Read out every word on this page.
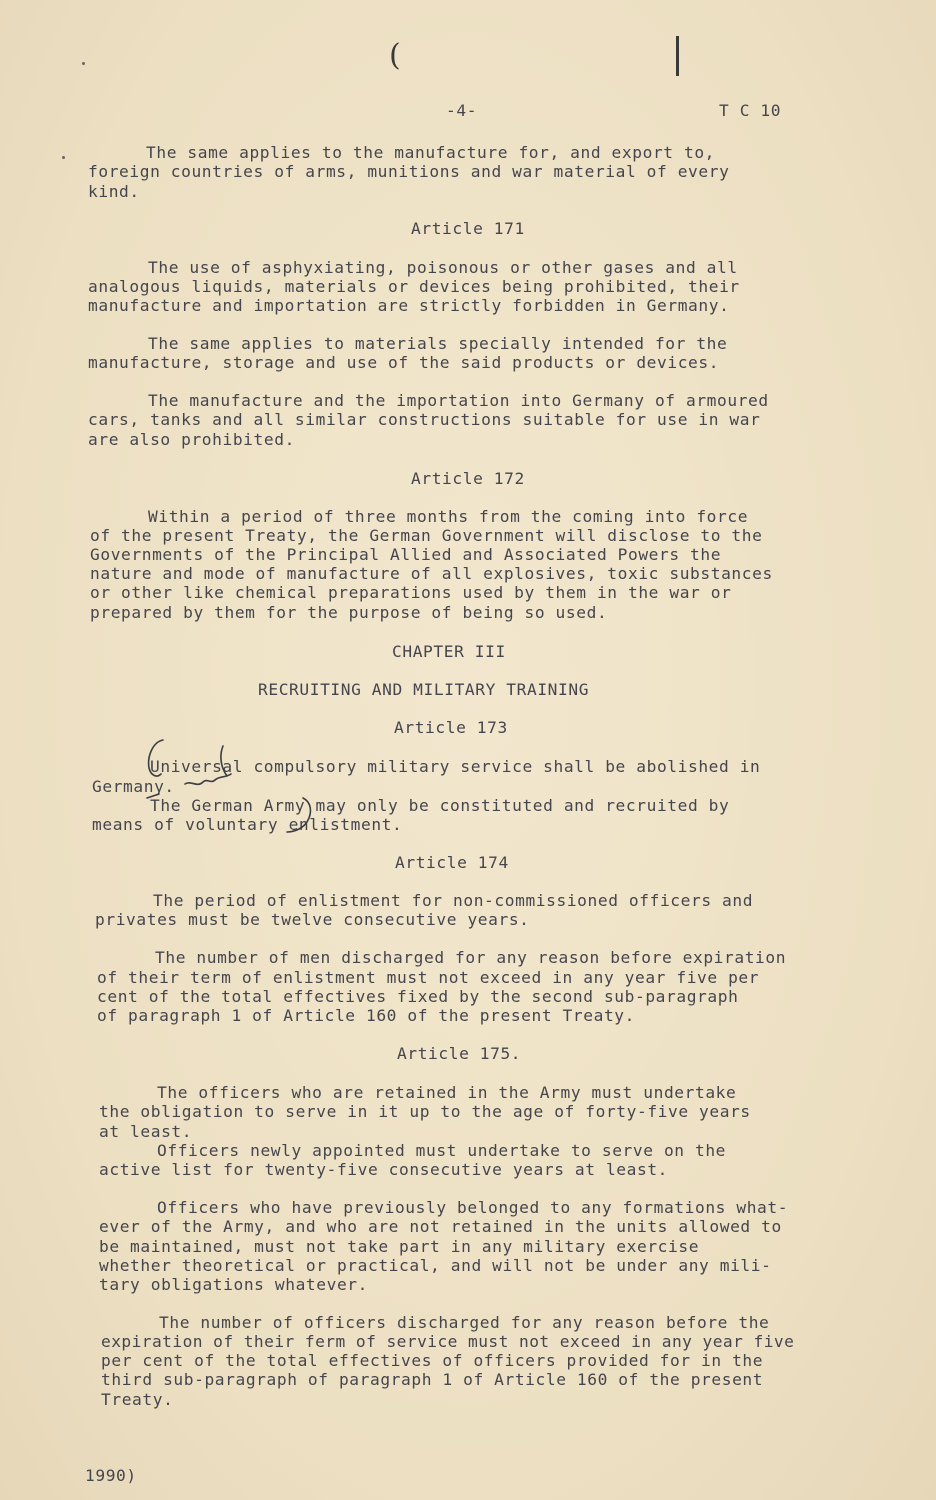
(
-4-	T C 10
The same applies to the manufacture for, and export to,
foreign countries of arms, munitions and war material of every
kind.
Article 171
The use of asphyxiating, poisonous or other gases and all
analogous liquids, materials or devices being prohibited, their
manufacture and importation are strictly forbidden in Germany.
The same applies to materials specially intended for the
manufacture, storage and use of the said products or devices.
The manufacture and the importation into Germany of armoured
cars, tanks and all similar constructions suitable for use in war
are also prohibited.
Article 172
Within a period of three months from the coming into force
of the present Treaty, the German Government will disclose to the
Governments of the Principal Allied and Associated Powers the
nature and mode of manufacture of all explosives, toxic substances
or other like chemical preparations used by them in the war or
prepared by them for the purpose of being so used.
CHAPTER III
RECRUITING AND MILITARY TRAINING
Article 173
Universal compulsory military service shall be abolished in
Germany.
The German Army may only be constituted and recruited by
means of voluntary enlistment.
Article 174
The period of enlistment for non-commissioned officers and
privates must be twelve consecutive years.
The number of men discharged for any reason before expiration
of their term of enlistment must not exceed in any year five per
cent of the total effectives fixed by the second sub-paragraph
of paragraph 1 of Article 160 of the present Treaty.
Article 175.
The officers who are retained in the Army must undertake
the obligation to serve in it up to the age of forty-five years
at least.
Officers newly appointed must undertake to serve on the
active list for twenty-five consecutive years at least.
Officers who have previously belonged to any formations what-
ever of the Army, and who are not retained in the units allowed to
be maintained, must not take part in any military exercise
whether theoretical or practical, and will not be under any mili-
tary obligations whatever.
The number of officers discharged for any reason before the
expiration of their ferm of service must not exceed in any year five
per cent of the total effectives of officers provided for in the
third sub-paragraph of paragraph 1 of Article 160 of the present
Treaty.
1990)
